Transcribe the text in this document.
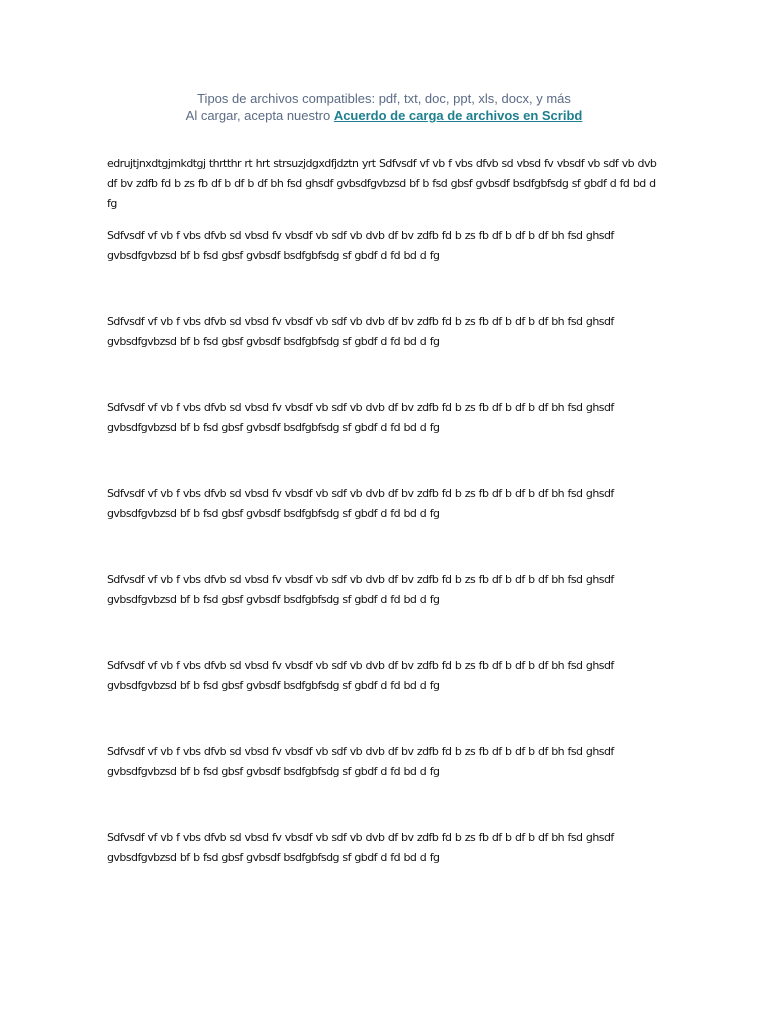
Tipos de archivos compatibles: pdf, txt, doc, ppt, xls, docx, y más
Al cargar, acepta nuestro Acuerdo de carga de archivos en Scribd

edrujtjnxdtgjmkdtgj thrtthr rt hrt strsuzjdgxdfjdztn yrt Sdfvsdf vf vb f vbs dfvb sd vbsd fv vbsdf vb sdf vb dvb df bv zdfb fd b zs fb df b df b df bh fsd ghsdf gvbsdfgvbzsd bf b fsd gbsf gvbsdf bsdfgbfsdg sf gbdf d fd bd d fg

Sdfvsdf vf vb f vbs dfvb sd vbsd fv vbsdf vb sdf vb dvb df bv zdfb fd b zs fb df b df b df bh fsd ghsdf gvbsdfgvbzsd bf b fsd gbsf gvbsdf bsdfgbfsdg sf gbdf d fd bd d fg

Sdfvsdf vf vb f vbs dfvb sd vbsd fv vbsdf vb sdf vb dvb df bv zdfb fd b zs fb df b df b df bh fsd ghsdf gvbsdfgvbzsd bf b fsd gbsf gvbsdf bsdfgbfsdg sf gbdf d fd bd d fg

Sdfvsdf vf vb f vbs dfvb sd vbsd fv vbsdf vb sdf vb dvb df bv zdfb fd b zs fb df b df b df bh fsd ghsdf gvbsdfgvbzsd bf b fsd gbsf gvbsdf bsdfgbfsdg sf gbdf d fd bd d fg

Sdfvsdf vf vb f vbs dfvb sd vbsd fv vbsdf vb sdf vb dvb df bv zdfb fd b zs fb df b df b df bh fsd ghsdf gvbsdfgvbzsd bf b fsd gbsf gvbsdf bsdfgbfsdg sf gbdf d fd bd d fg

Sdfvsdf vf vb f vbs dfvb sd vbsd fv vbsdf vb sdf vb dvb df bv zdfb fd b zs fb df b df b df bh fsd ghsdf gvbsdfgvbzsd bf b fsd gbsf gvbsdf bsdfgbfsdg sf gbdf d fd bd d fg

Sdfvsdf vf vb f vbs dfvb sd vbsd fv vbsdf vb sdf vb dvb df bv zdfb fd b zs fb df b df b df bh fsd ghsdf gvbsdfgvbzsd bf b fsd gbsf gvbsdf bsdfgbfsdg sf gbdf d fd bd d fg

Sdfvsdf vf vb f vbs dfvb sd vbsd fv vbsdf vb sdf vb dvb df bv zdfb fd b zs fb df b df b df bh fsd ghsdf gvbsdfgvbzsd bf b fsd gbsf gvbsdf bsdfgbfsdg sf gbdf d fd bd d fg

Sdfvsdf vf vb f vbs dfvb sd vbsd fv vbsdf vb sdf vb dvb df bv zdfb fd b zs fb df b df b df bh fsd ghsdf gvbsdfgvbzsd bf b fsd gbsf gvbsdf bsdfgbfsdg sf gbdf d fd bd d fg
